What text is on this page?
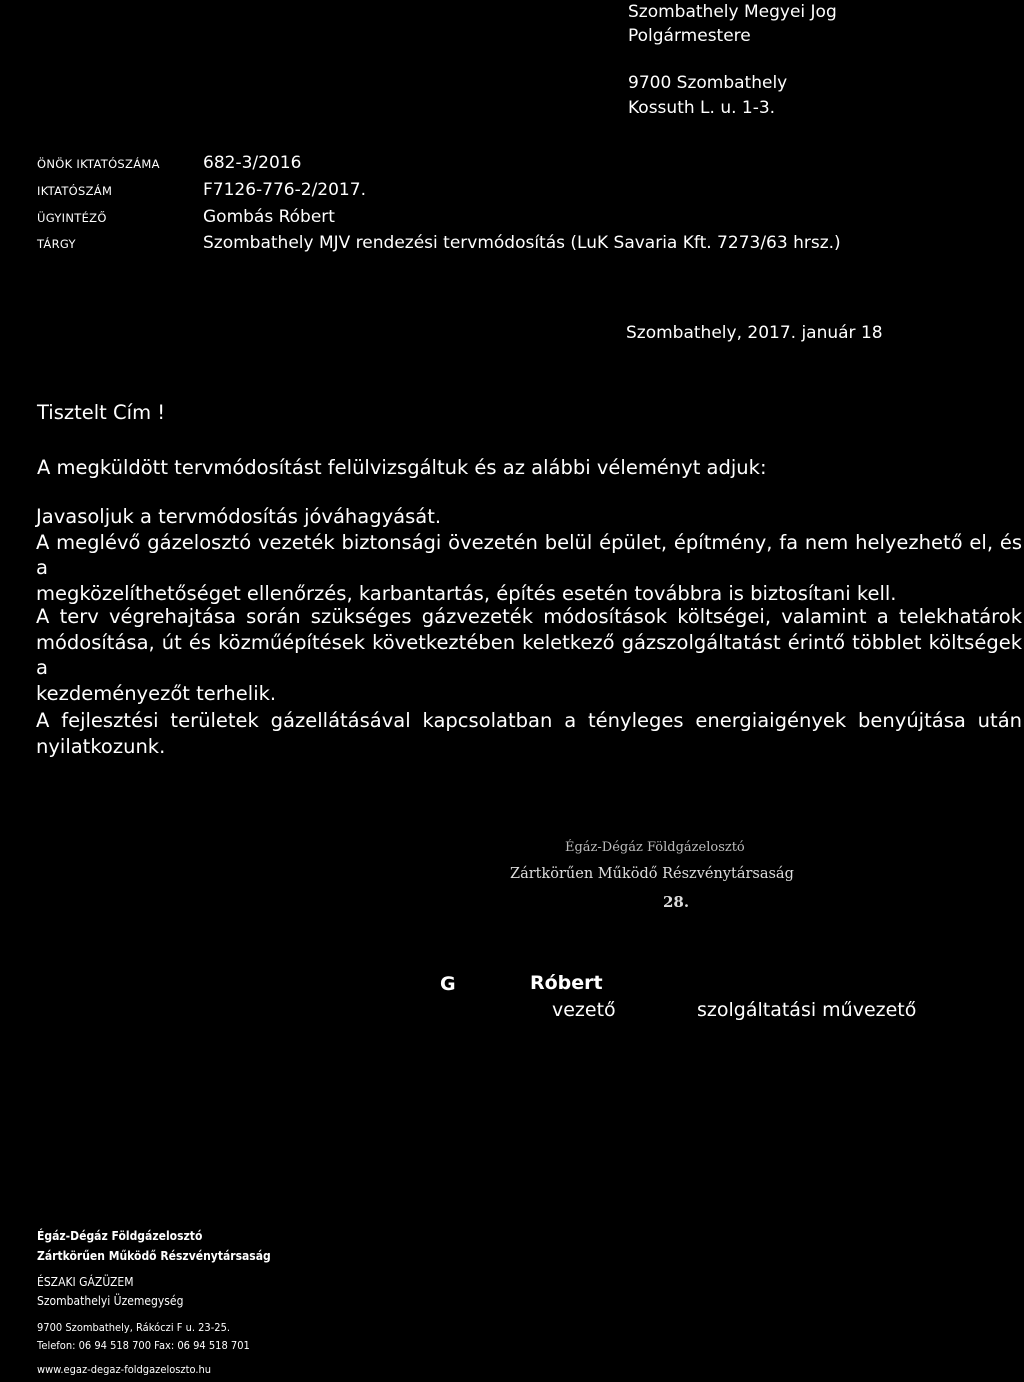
Szombathely Megyei Jog
Polgármestere
9700 Szombathely
Kossuth L. u. 1-3.
ÖNÖK IKTATÓSZÁMA	682-3/2016
IKTATÓSZÁM	F7126-776-2/2017.
ÜGYINTÉZŐ	Gombás Róbert
TÁRGY	Szombathely MJV rendezési tervmódosítás (LuK Savaria Kft. 7273/63 hrsz.)
Szombathely, 2017. január 18
Tisztelt Cím !
A megküldött tervmódosítást felülvizsgáltuk és az alábbi véleményt adjuk:
Javasoljuk a tervmódosítás jóváhagyását.
A meglévő gázelosztó vezeték biztonsági övezetén belül épület, építmény, fa nem helyezhető el, és a
megközelíthetőséget ellenőrzés, karbantartás, építés esetén továbbra is biztosítani kell.
A terv végrehajtása során szükséges gázvezeték módosítások költségei, valamint a telekhatárok
módosítása, út és közműépítések következtében keletkező gázszolgáltatást érintő többlet költségek a
kezdeményezőt terhelik.
A fejlesztési területek gázellátásával kapcsolatban a tényleges energiaigények benyújtása után
nyilatkozunk.
Égáz-Dégáz Földgázelosztó
Zártkörűen Működő Részvénytársaság
28.
G	Róbert
vezető	szolgáltatási művezető
Égáz-Dégáz Földgázelosztó
Zártkörűen Működő Részvénytársaság
ÉSZAKI GÁZÜZEM
Szombathelyi Üzemegység
9700 Szombathely, Rákóczi F u. 23-25.
Telefon: 06 94 518 700 Fax: 06 94 518 701
www.egaz-degaz-foldgazeloszto.hu
